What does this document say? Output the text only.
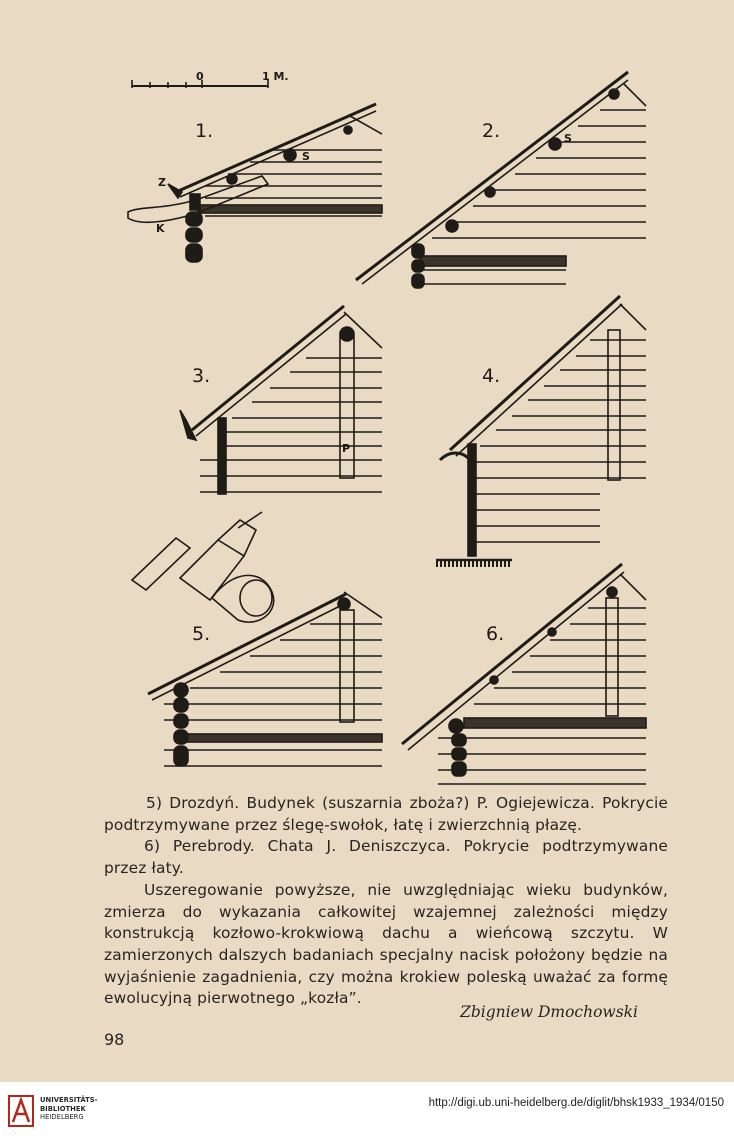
0	1 M.
1.
S
Z
K
2.	S
3.
P
4.
5.	6.

5) Drozdyń. Budynek (suszarnia zboża?) P. Ogiejewicza. Pokrycie podtrzymywane przez ślegę-swołok, łatę i zwierzchnią płazę.

6) Perebrody. Chata J. Deniszczyca. Pokrycie podtrzymywane przez łaty.

Uszeregowanie powyższe, nie uwzględniając wieku budynków, zmierza do wykazania całkowitej wzajemnej zależności między konstrukcją kozłowo-krokwiową dachu a wieńcową szczytu. W zamierzonych dalszych badaniach specjalny nacisk położony będzie na wyjaśnienie zagadnienia, czy można krokiew poleską uważać za formę ewolucyjną pierwotnego „kozła”.

Zbigniew Dmochowski
98
UNIVERSITÄTS-
BIBLIOTHEK
HEIDELBERG
http://digi.ub.uni-heidelberg.de/diglit/bhsk1933_1934/0150
